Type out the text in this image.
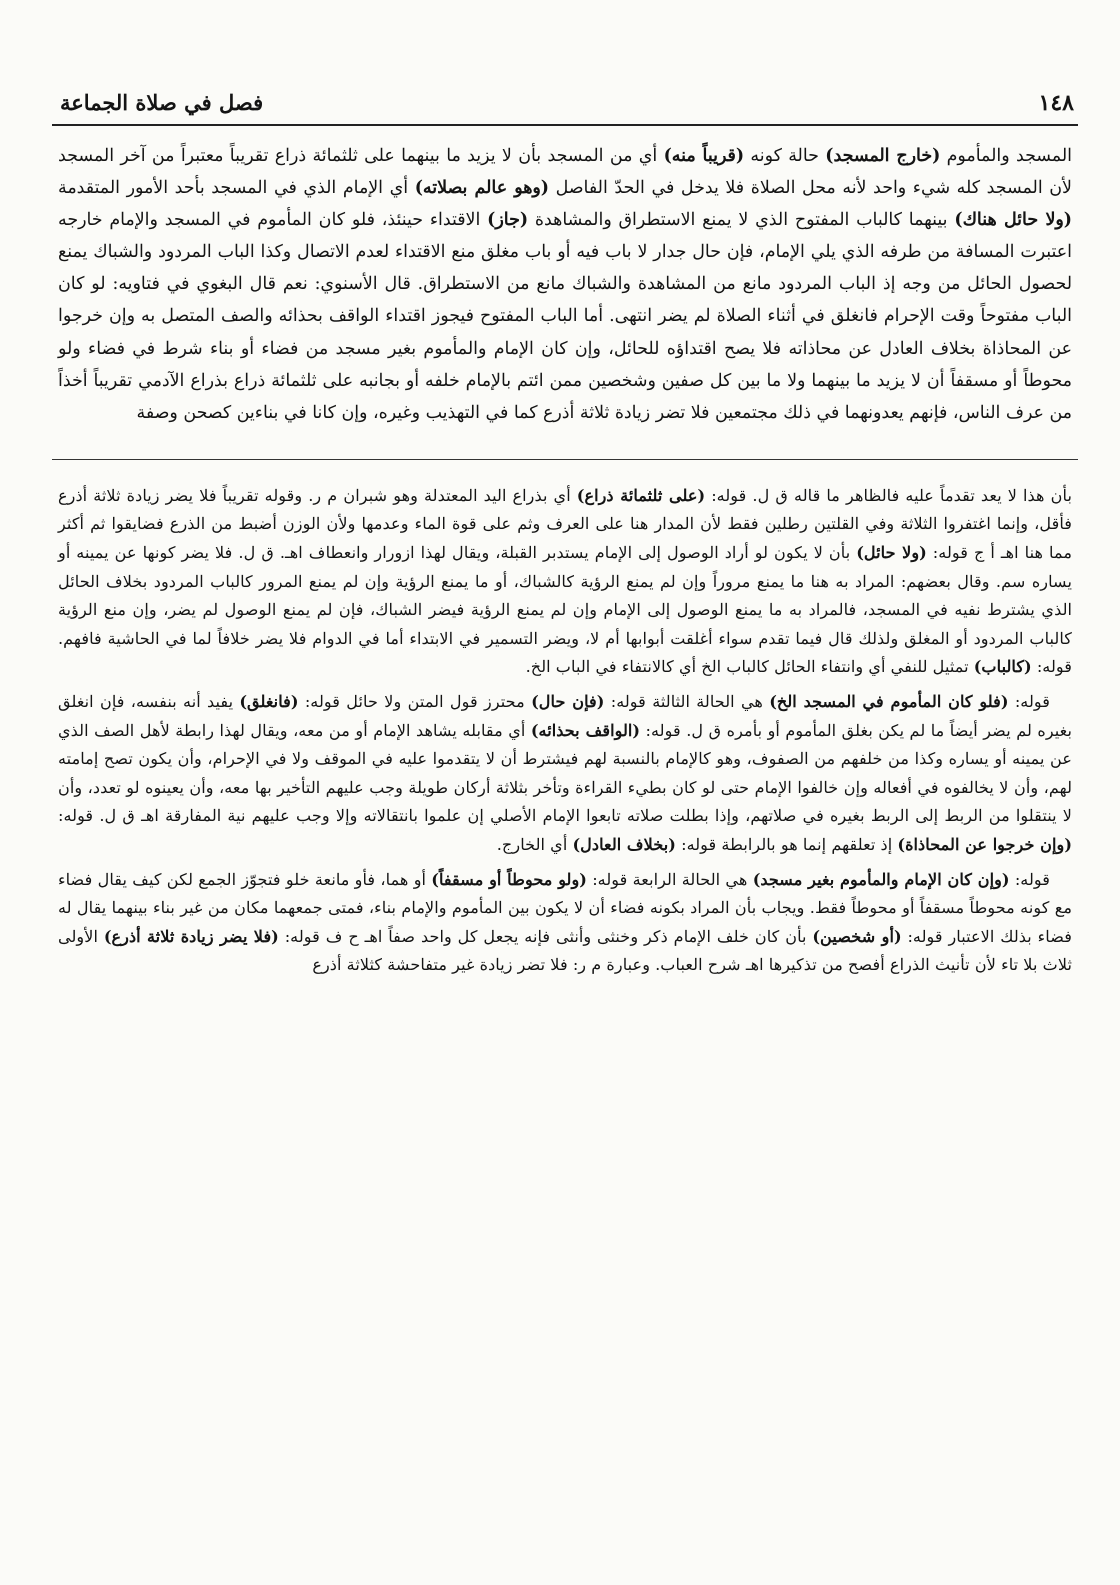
١٤٨
فصل في صلاة الجماعة

المسجد والمأموم (خارج المسجد) حالة كونه (قريباً منه) أي من المسجد بأن لا يزيد ما بينهما على ثلثمائة ذراع تقريباً معتبراً من آخر المسجد لأن المسجد كله شيء واحد لأنه محل الصلاة فلا يدخل في الحدّ الفاصل (وهو عالم بصلاته) أي الإمام الذي في المسجد بأحد الأمور المتقدمة (ولا حائل هناك) بينهما كالباب المفتوح الذي لا يمنع الاستطراق والمشاهدة (جاز) الاقتداء حينئذ، فلو كان المأموم في المسجد والإمام خارجه اعتبرت المسافة من طرفه الذي يلي الإمام، فإن حال جدار لا باب فيه أو باب مغلق منع الاقتداء لعدم الاتصال وكذا الباب المردود والشباك يمنع لحصول الحائل من وجه إذ الباب المردود مانع من المشاهدة والشباك مانع من الاستطراق. قال الأسنوي: نعم قال البغوي في فتاويه: لو كان الباب مفتوحاً وقت الإحرام فانغلق في أثناء الصلاة لم يضر انتهى. أما الباب المفتوح فيجوز اقتداء الواقف بحذائه والصف المتصل به وإن خرجوا عن المحاذاة بخلاف العادل عن محاذاته فلا يصح اقتداؤه للحائل، وإن كان الإمام والمأموم بغير مسجد من فضاء أو بناء شرط في فضاء ولو محوطاً أو مسقفاً أن لا يزيد ما بينهما ولا ما بين كل صفين وشخصين ممن ائتم بالإمام خلفه أو بجانبه على ثلثمائة ذراع بذراع الآدمي تقريباً أخذاً من عرف الناس، فإنهم يعدونهما في ذلك مجتمعين فلا تضر زيادة ثلاثة أذرع كما في التهذيب وغيره، وإن كانا في بناءين كصحن وصفة

بأن هذا لا يعد تقدماً عليه فالظاهر ما قاله ق ل. قوله: (على ثلثمائة ذراع) أي بذراع اليد المعتدلة وهو شبران م ر. وقوله تقريباً فلا يضر زيادة ثلاثة أذرع فأقل، وإنما اغتفروا الثلاثة وفي القلتين رطلين فقط لأن المدار هنا على العرف وثم على قوة الماء وعدمها ولأن الوزن أضبط من الذرع فضايقوا ثم أكثر مما هنا اهـ أ ج قوله: (ولا حائل) بأن لا يكون لو أراد الوصول إلى الإمام يستدبر القبلة، ويقال لهذا ازورار وانعطاف اهـ. ق ل. فلا يضر كونها عن يمينه أو يساره سم. وقال بعضهم: المراد به هنا ما يمنع مروراً وإن لم يمنع الرؤية كالشباك، أو ما يمنع الرؤية وإن لم يمنع المرور كالباب المردود بخلاف الحائل الذي يشترط نفيه في المسجد، فالمراد به ما يمنع الوصول إلى الإمام وإن لم يمنع الرؤية فيضر الشباك، فإن لم يمنع الوصول لم يضر، وإن منع الرؤية كالباب المردود أو المغلق ولذلك قال فيما تقدم سواء أغلقت أبوابها أم لا، ويضر التسمير في الابتداء أما في الدوام فلا يضر خلافاً لما في الحاشية فافهم. قوله: (كالباب) تمثيل للنفي أي وانتفاء الحائل كالباب الخ أي كالانتفاء في الباب الخ.

قوله: (فلو كان المأموم في المسجد الخ) هي الحالة الثالثة قوله: (فإن حال) محترز قول المتن ولا حائل قوله: (فانغلق) يفيد أنه بنفسه، فإن انغلق بغيره لم يضر أيضاً ما لم يكن بغلق المأموم أو بأمره ق ل. قوله: (الواقف بحذائه) أي مقابله يشاهد الإمام أو من معه، ويقال لهذا رابطة لأهل الصف الذي عن يمينه أو يساره وكذا من خلفهم من الصفوف، وهو كالإمام بالنسبة لهم فيشترط أن لا يتقدموا عليه في الموقف ولا في الإحرام، وأن يكون تصح إمامته لهم، وأن لا يخالفوه في أفعاله وإن خالفوا الإمام حتى لو كان بطيء القراءة وتأخر بثلاثة أركان طويلة وجب عليهم التأخير بها معه، وأن يعينوه لو تعدد، وأن لا ينتقلوا من الربط إلى الربط بغيره في صلاتهم، وإذا بطلت صلاته تابعوا الإمام الأصلي إن علموا بانتقالاته وإلا وجب عليهم نية المفارقة اهـ ق ل. قوله: (وإن خرجوا عن المحاذاة) إذ تعلقهم إنما هو بالرابطة قوله: (بخلاف العادل) أي الخارج.

قوله: (وإن كان الإمام والمأموم بغير مسجد) هي الحالة الرابعة قوله: (ولو محوطاً أو مسقفاً) أو هما، فأو مانعة خلو فتجوّز الجمع لكن كيف يقال فضاء مع كونه محوطاً مسقفاً أو محوطاً فقط. ويجاب بأن المراد بكونه فضاء أن لا يكون بين المأموم والإمام بناء، فمتى جمعهما مكان من غير بناء بينهما يقال له فضاء بذلك الاعتبار قوله: (أو شخصين) بأن كان خلف الإمام ذكر وخنثى وأنثى فإنه يجعل كل واحد صفاً اهـ ح ف قوله: (فلا يضر زيادة ثلاثة أذرع) الأولى ثلاث بلا تاء لأن تأنيث الذراع أفصح من تذكيرها اهـ شرح العباب. وعبارة م ر: فلا تضر زيادة غير متفاحشة كثلاثة أذرع
